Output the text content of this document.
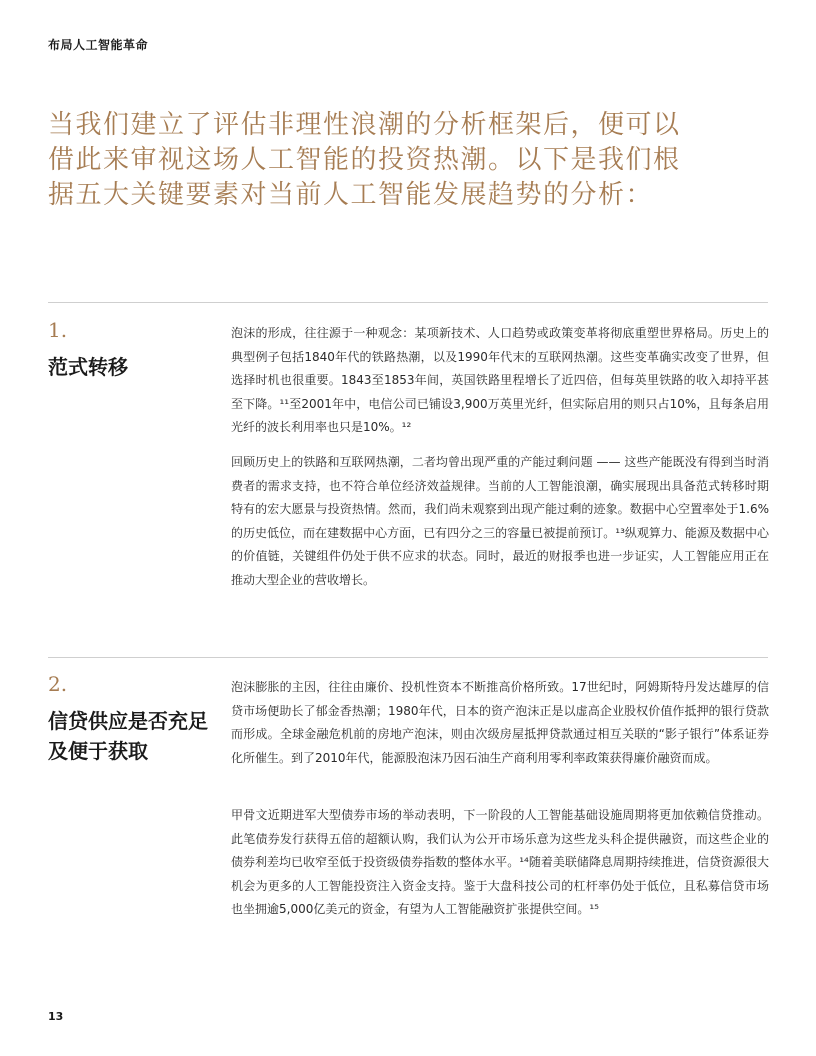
布局人工智能革命

当我们建立了评估非理性浪潮的分析框架后，便可以借此来审视这场人工智能的投资热潮。以下是我们根据五大关键要素对当前人工智能发展趋势的分析：

1.
范式转移

泡沫的形成，往往源于一种观念：某项新技术、人口趋势或政策变革将彻底重塑世界格局。历史上的典型例子包括1840年代的铁路热潮，以及1990年代末的互联网热潮。这些变革确实改变了世界，但选择时机也很重要。1843至1853年间，英国铁路里程增长了近四倍，但每英里铁路的收入却持平甚至下降。¹¹至2001年中，电信公司已铺设3,900万英里光纤，但实际启用的则只占10%，且每条启用光纤的波长利用率也只是10%。¹²

回顾历史上的铁路和互联网热潮，二者均曾出现严重的产能过剩问题 —— 这些产能既没有得到当时消费者的需求支持，也不符合单位经济效益规律。当前的人工智能浪潮，确实展现出具备范式转移时期特有的宏大愿景与投资热情。然而，我们尚未观察到出现产能过剩的迹象。数据中心空置率处于1.6%的历史低位，而在建数据中心方面，已有四分之三的容量已被提前预订。¹³纵观算力、能源及数据中心的价值链，关键组件仍处于供不应求的状态。同时，最近的财报季也进一步证实，人工智能应用正在推动大型企业的营收增长。

2.
信贷供应是否充足及便于获取

泡沫膨胀的主因，往往由廉价、投机性资本不断推高价格所致。17世纪时，阿姆斯特丹发达雄厚的信贷市场便助长了郁金香热潮；1980年代，日本的资产泡沫正是以虚高企业股权价值作抵押的银行贷款而形成。全球金融危机前的房地产泡沫，则由次级房屋抵押贷款通过相互关联的“影子银行”体系证券化所催生。到了2010年代，能源股泡沫乃因石油生产商利用零利率政策获得廉价融资而成。

甲骨文近期进军大型债券市场的举动表明，下一阶段的人工智能基础设施周期将更加依赖信贷推动。此笔债券发行获得五倍的超额认购，我们认为公开市场乐意为这些龙头科企提供融资，而这些企业的债券利差均已收窄至低于投资级债券指数的整体水平。¹⁴随着美联储降息周期持续推进，信贷资源很大机会为更多的人工智能投资注入资金支持。鉴于大盘科技公司的杠杆率仍处于低位，且私募信贷市场也坐拥逾5,000亿美元的资金，有望为人工智能融资扩张提供空间。¹⁵

13
